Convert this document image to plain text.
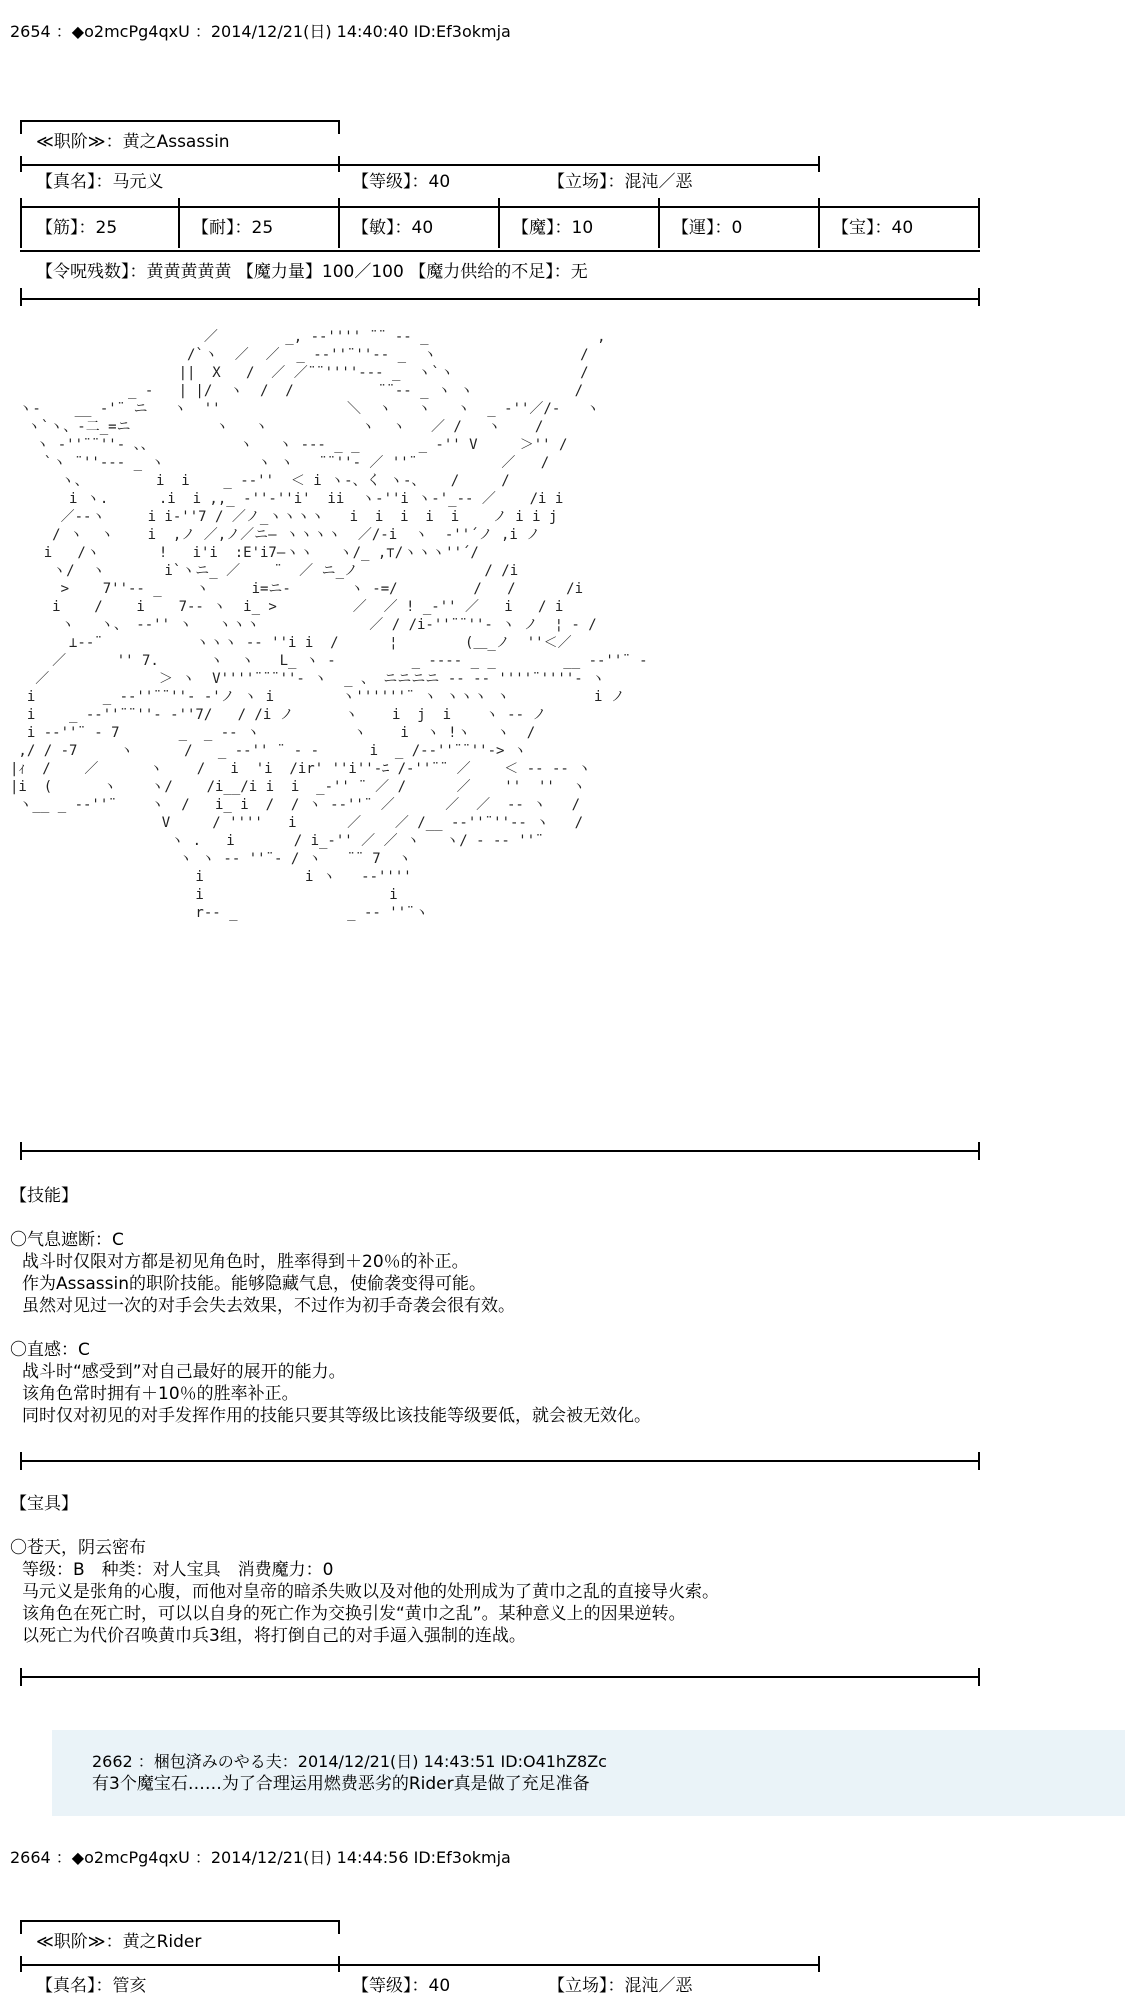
2654 ：◆o2mcPg4qxU ：2014/12/21(日) 14:40:40 ID:Ef3okmja
≪职阶≫：黄之Assassin
【真名】：马元义	【等级】：40	【立场】：混沌／恶
【筋】：25	【耐】：25	【敏】：40	【魔】：10	【運】：0	【宝】：40
【令呪残数】：黄黄黄黄黄 【魔力量】100／100 【魔力供给的不足】：无
／        _, -‐'''' ¨¨ ‐- _                    ,
/`ヽ  ／  ／  _ -‐''¨''‐- _  ヽ                 /
||  X   /  ／ ／¨¨''''‐-- _  ヽ`ヽ               /
_ -   | |/  ヽ  /  /          ¨¨‐- _ ヽ ヽ            /
ヽ-    __ -'¨ ニ   ヽ  ''               ＼  ヽ   ヽ   ヽ  _ ‐''／/-   ヽ
ヽ`ヽ、-二_=ニ          ヽ   ヽ           ヽ  ヽ   ／ /   ヽ    /
ヽ ‐''¨¨''‐ 、、          ヽ   ヽ ‐-- _ _       _ ‐'' V     ＞'' /
`ヽ ¨''‐-- _ ヽ           ヽ ヽ   ¨¨''‐ ／ ''¨          ／   /
ヽ、        i  i    _ -‐''  ＜ i ヽ-、く ヽ-、   /     /
i ヽ.      .i  i ,,_ -''‐''i'  ii  ヽ-''i ヽ-'_-‐ ／    /i i
／-‐ヽ     i i‐''7 / ／ノ_ヽヽヽヽ   i  i  i  i  i    ノ i i j
/ ヽ  ヽ    i  ,ノ ／,ノ／ニ― ヽヽヽヽ  ／/-i  ヽ  ‐''´ノ ,i ノ
i   /ヽ       !   i'i  :E'i7―ヽヽ   ヽ/_ ,⊤/ヽヽヽ''´/
ヽ/  ヽ       i`ヽニ_ ／    ¨  ／ ニ_ノ               / /i
>    7''-- _    ヽ     i=ニ‐       ヽ -=/         /   /      /i
i    /    i    7-- ヽ  i_ >         ／  ／ ! _‐'' ／   i   / i
ヽ   ヽ、 -‐'' ヽ   ヽヽヽ             ／ / /i‐''¨¨''‐ ヽ ノ  ¦ ‐ /
⊥-‐¨           ヽヽヽ -- ''i i  /      ¦        (＿_ノ  ''＜／
／      '' 7.      ヽ  ヽ   L_ ヽ -         _ -‐‐- _ _        __ -‐''¨ ‐
／             ＞ ヽ  V''''¨¨¨''‐ ヽ  _ 、 ニニニニ ‐‐ -- ''''¨''''‐ ヽ
i        _ -‐''¨¨''‐ -'ノ ヽ i        ヽ''''''¨ ヽ ヽヽヽ ヽ          i ノ
i    _ -‐''¨¨''‐ -''7/   / /i ノ      ヽ    i  j  i    ヽ -‐ ノ
i -‐''¨ ‐ 7       _  _ -‐ ヽ           ヽ    i  ヽ !ヽ   ヽ  /
,/ / ‐7     ヽ      /   _ -‐'' ¨ ‐ -      i  _ /‐‐''¨¨''‐> ヽ
|ｨ  /    ／      ヽ    /   i  'i  /ir' ''i''-ﾆ /‐''¨¨ ／    ＜ -‐ -‐ ヽ
|i  (      ヽ    ヽ/    /i__/i i  i  _‐'' ¨ ／ /      ／    ''  ''  ヽ
ヽ__ _ -‐''¨    ヽ  /   i_ i  /  / ヽ ‐‐''¨ ／      ／  ／  -‐ ヽ   /
V     / ''''   i      ／    ／ /__ -‐''¨''‐‐ ヽ   /
ヽ .   i       / i_‐'' ／ ／ ヽ   ヽ/ ‐ -- ''¨
ヽ ヽ -- ''¨‐ / ヽ   ¨¨ 7  ヽ
i            i ヽ   ‐‐''''
i                      i
r-- _             _ -- ''¨ヽ
【技能】
〇气息遮断：C
战斗时仅限对方都是初见角色时，胜率得到＋20％的补正。
作为Assassin的职阶技能。能够隐藏气息，使偷袭变得可能。
虽然对见过一次的对手会失去效果，不过作为初手奇袭会很有效。
〇直感：C
战斗时“感受到”对自己最好的展开的能力。
该角色常时拥有＋10％的胜率补正。
同时仅对初见的对手发挥作用的技能只要其等级比该技能等级要低，就会被无效化。
【宝具】
〇苍天，阴云密布
等级：B　种类：对人宝具　消费魔力：0
马元义是张角的心腹，而他对皇帝的暗杀失败以及对他的处刑成为了黄巾之乱的直接导火索。
该角色在死亡时，可以以自身的死亡作为交换引发“黄巾之乱”。某种意义上的因果逆转。
以死亡为代价召唤黄巾兵3组，将打倒自己的对手逼入强制的连战。
2662 ：梱包済みのやる夫：2014/12/21(日) 14:43:51 ID:O41hZ8Zc
有3个魔宝石……为了合理运用燃费恶劣的Rider真是做了充足准备
2664 ：◆o2mcPg4qxU ：2014/12/21(日) 14:44:56 ID:Ef3okmja
≪职阶≫：黄之Rider
【真名】：管亥	【等级】：40	【立场】：混沌／恶
